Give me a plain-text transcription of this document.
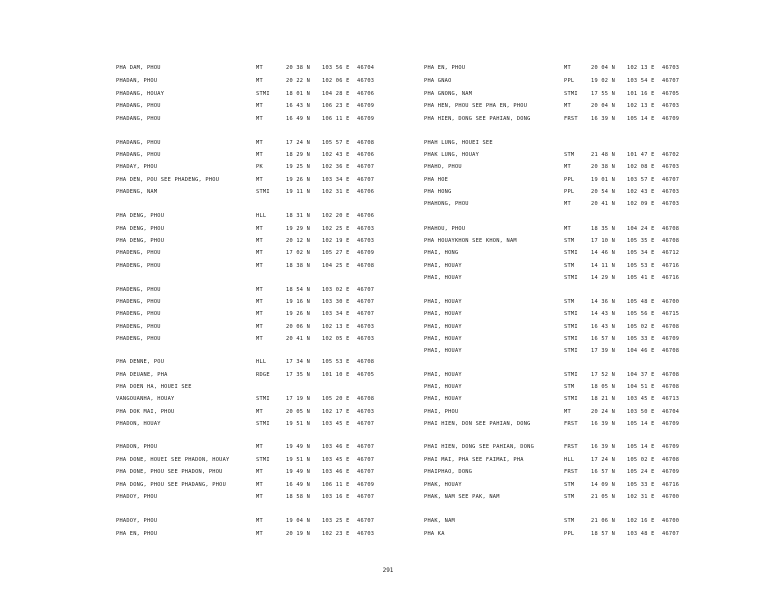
PHA DAM, PHOU	MT	20 38 N 103 56 E 46704
PHADAN, PHOU	MT	20 22 N 102 06 E 46703
PHADANG, HOUAY	STMI	18 01 N 104 28 E 46706
PHADANG, PHOU	MT	16 43 N 106 23 E 46709
PHADANG, PHOU	MT	16 49 N 106 11 E 46709
PHADANG, PHOU	MT	17 24 N 105 57 E 46708
PHADANG, PHOU	MT	18 29 N 102 43 E 46706
PHADAY, PHOU	PK	19 25 N 102 36 E 46707
PHA DEN, POU SEE PHADENG, PHOU	MT	19 26 N 103 34 E 46707
PHADENG, NAM	STMI	19 11 N 102 31 E 46706
PHA DENG, PHOU	HLL	18 31 N 102 20 E 46706
PHA DENG, PHOU	MT	19 29 N 102 25 E 46703
PHA DENG, PHOU	MT	20 12 N 102 19 E 46703
PHADENG, PHOU	MT	17 02 N 105 27 E 46709
PHADENG, PHOU	MT	18 38 N 104 25 E 46708
PHADENG, PHOU	MT	18 54 N 103 02 E 46707
PHADENG, PHOU	MT	19 16 N 103 30 E 46707
PHADENG, PHOU	MT	19 26 N 103 34 E 46707
PHADENG, PHOU	MT	20 06 N 102 13 E 46703
PHADENG, PHOU	MT	20 41 N 102 05 E 46703
PHA DENNE, POU	HLL	17 34 N 105 53 E 46708
PHA DEUANE, PHA	RDGE	17 35 N 101 10 E 46705
PHA DOEN HA, HOUEI SEE
VANGOUANHA, HOUAY	STMI	17 19 N 105 20 E 46708
PHA DOK MAI, PHOU	MT	20 05 N 102 17 E 46703
PHADON, HOUAY	STMI	19 51 N 103 45 E 46707
PHADON, PHOU	MT	19 49 N 103 46 E 46707
PHA DONE, HOUEI SEE PHADON, HOUAY	STMI	19 51 N 103 45 E 46707
PHA DONE, PHOU SEE PHADON, PHOU	MT	19 49 N 103 46 E 46707
PHA DONG, PHOU SEE PHADANG, PHOU	MT	16 49 N 106 11 E 46709
PHADOY, PHOU	MT	18 58 N 103 16 E 46707
PHADOY, PHOU	MT	19 04 N 103 25 E 46707
PHA EN, PHOU	MT	20 19 N 102 23 E 46703
PHA EN, PHOU	MT	20 04 N 102 13 E 46703
PHA GNAO	PPL	19 02 N 103 54 E 46707
PHA GNONG, NAM	STMI 17 55 N 101 16 E 46705
PHA HEN, PHOU SEE PHA EN, PHOU	MT	20 04 N 102 13 E 46703
PHA HIEN, DONG SEE PAHIAN, DONG	FRST 16 39 N 105 14 E 46709
PHAH LUNG, HOUEI SEE
PHAK LUNG, HOUAY	STM	21 48 N 101 47 E 46702
PHAHO, PHOU	MT	20 38 N 102 08 E 46703
PHA HOE	PPL	19 01 N 103 57 E 46707
PHA HONG	PPL	20 54 N 102 43 E 46703
PHAHONG, PHOU	MT	20 41 N 102 09 E 46703
PHAHOU, PHOU	MT	18 35 N 104 24 E 46708
PHA HOUAYKHON SEE KHON, NAM	STM	17 10 N 105 35 E 46708
PHAI, HONG	STMI 14 46 N 105 34 E 46712
PHAI, HOUAY	STM	14 11 N 105 53 E 46716
PHAI, HOUAY	STMI 14 29 N 105 41 E 46716
PHAI, HOUAY	STM	14 36 N 105 48 E 46700
PHAI, HOUAY	STMI 14 43 N 105 56 E 46715
PHAI, HOUAY	STMI 16 43 N 105 02 E 46708
PHAI, HOUAY	STMI 16 57 N 105 33 E 46709
PHAI, HOUAY	STMI 17 39 N 104 46 E 46708
PHAI, HOUAY	STMI 17 52 N 104 37 E 46708
PHAI, HOUAY	STM	18 05 N 104 51 E 46708
PHAI, HOUAY	STMI 18 21 N 103 45 E 46713
PHAI, PHOU	MT	20 24 N 103 50 E 46704
PHAI HIEN, DON SEE PAHIAN, DONG	FRST 16 39 N 105 14 E 46709
PHAI HIEN, DONG SEE PAHIAN, DONG	FRST 16 39 N 105 14 E 46709
PHAI MAI, PHA SEE FAIMAI, PHA	HLL	17 24 N 105 02 E 46708
PHAIPHAO, DONG	FRST 16 57 N 105 24 E 46709
PHAK, HOUAY	STM	14 09 N 105 33 E 46716
PHAK, NAM SEE PAK, NAM	STM	21 05 N 102 31 E 46700
PHAK, NAM	STM	21 06 N 102 16 E 46700
PHA KA	PPL	18 57 N 103 48 E 46707
291
